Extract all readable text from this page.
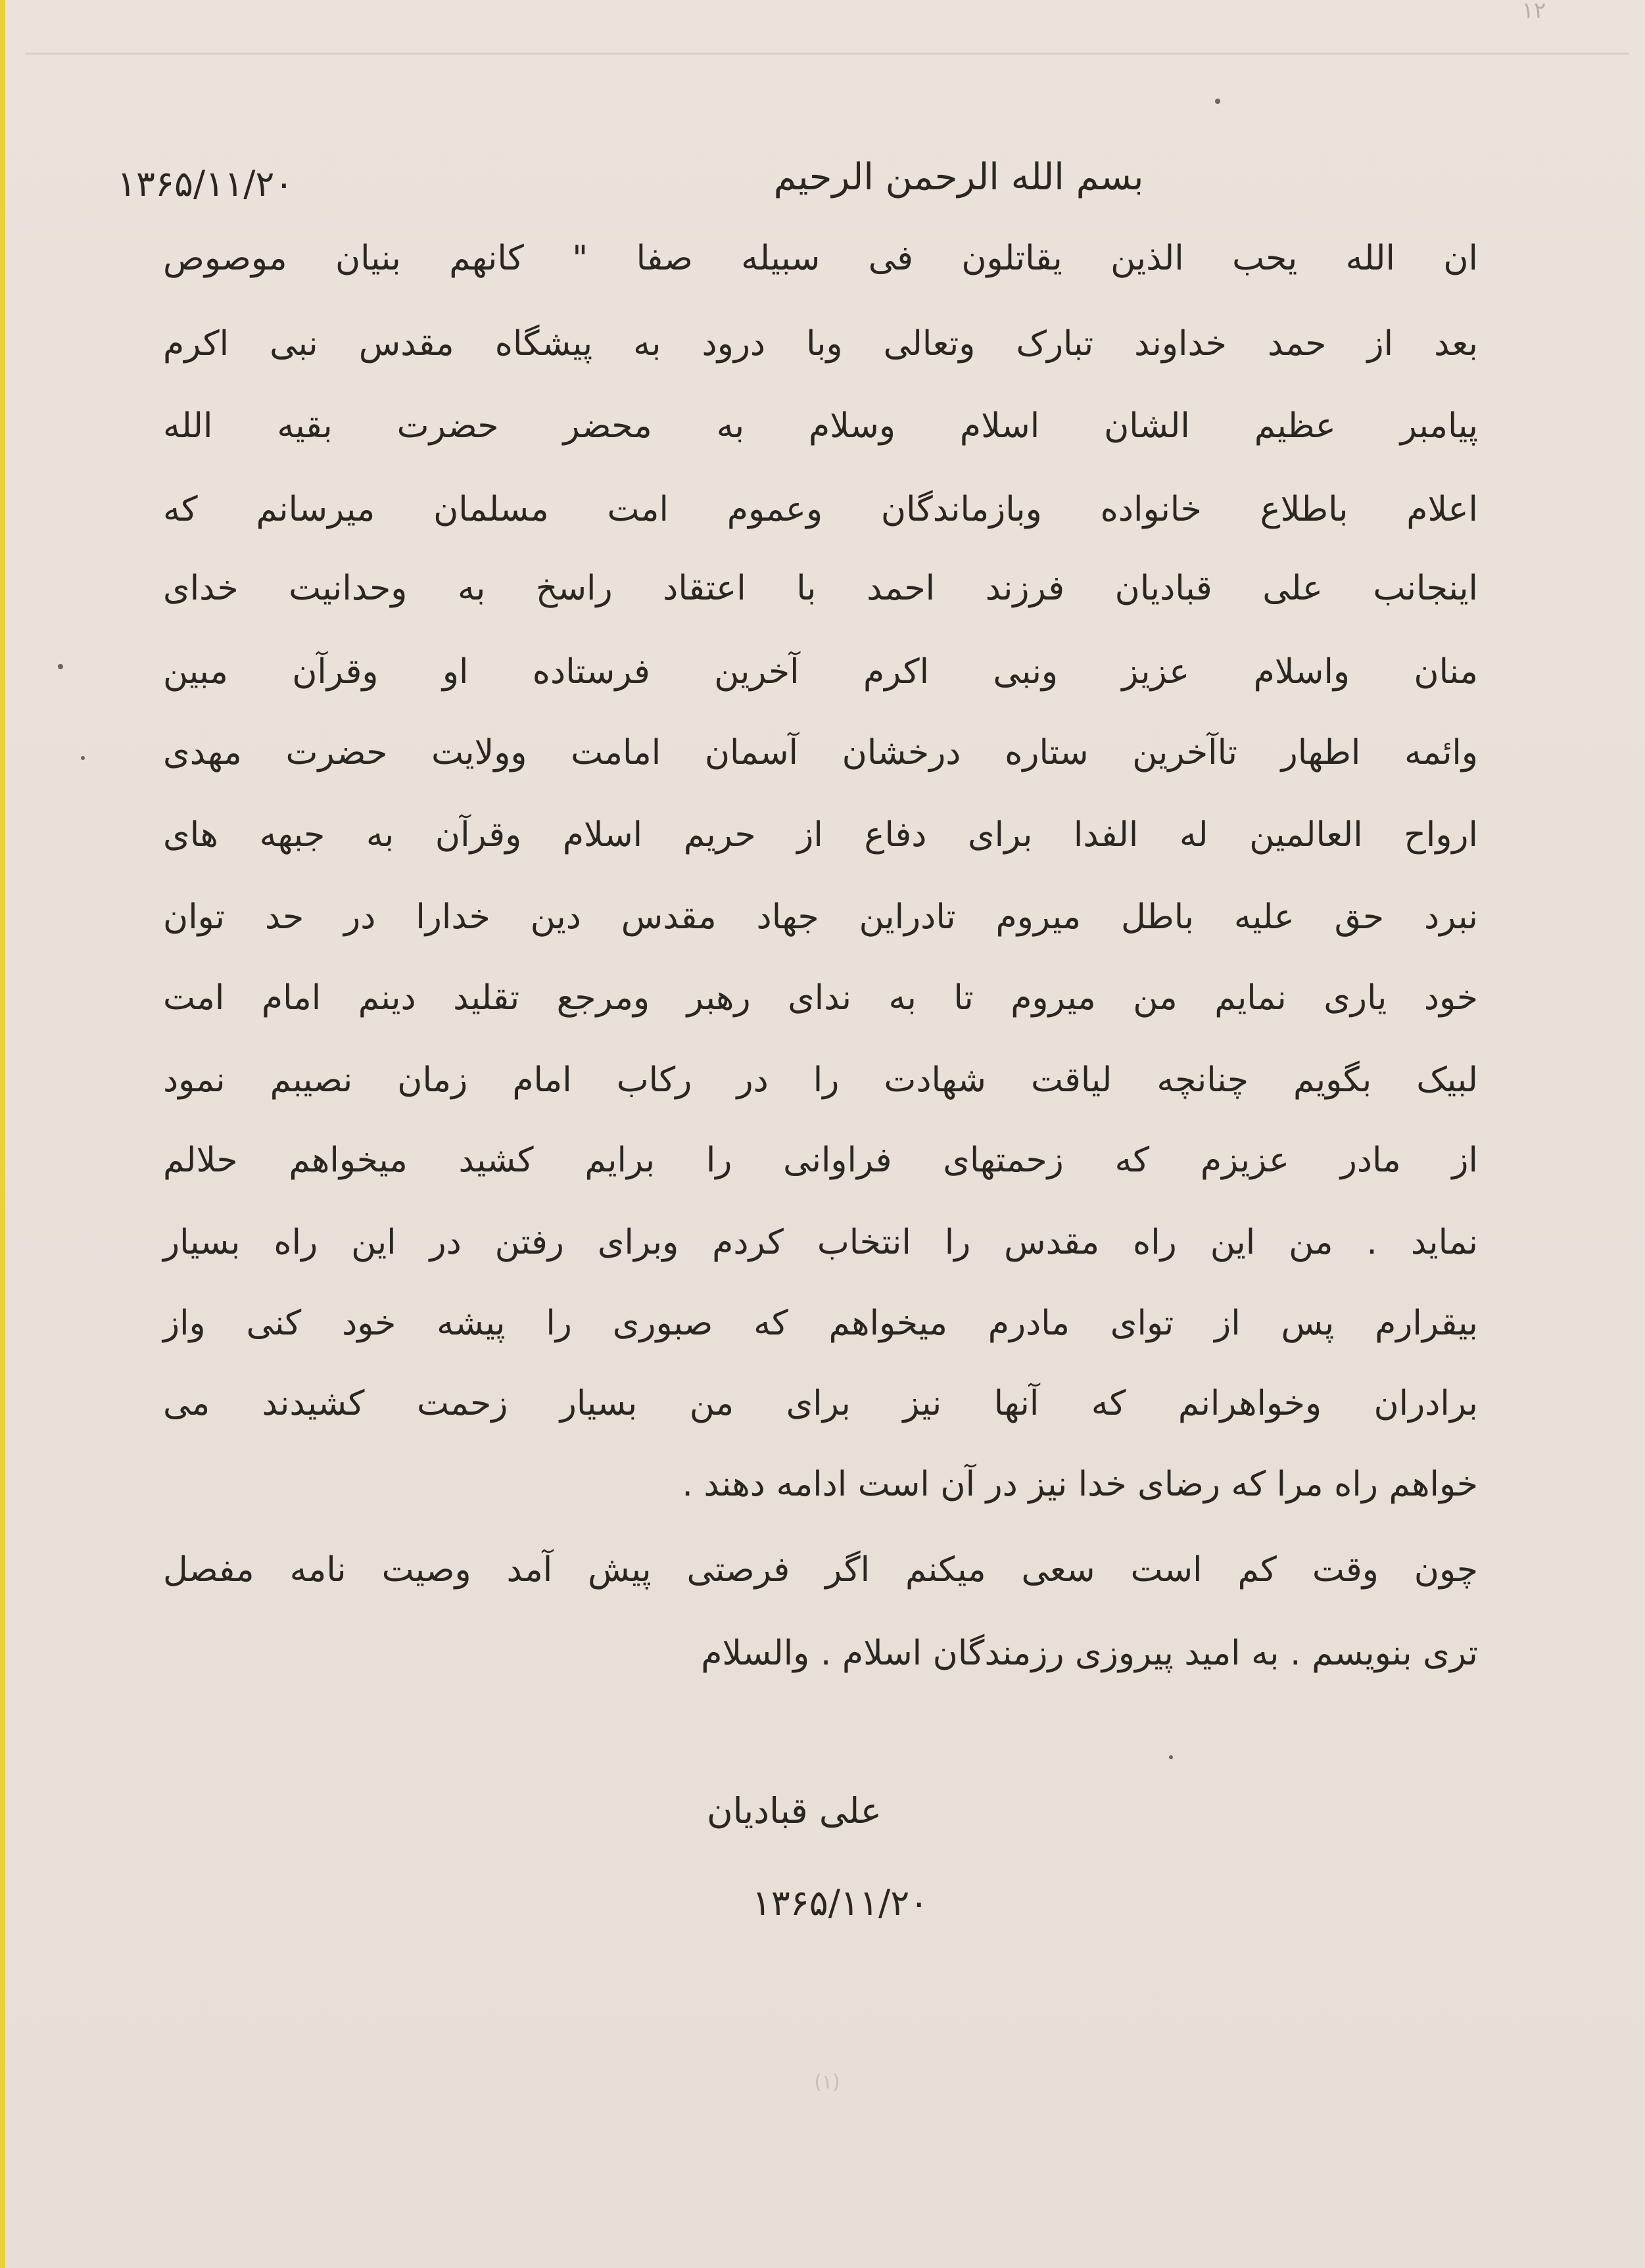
۱۲
بسم الله الرحمن الرحیم
۱۳۶۵/۱۱/۲۰
ان الله یحب الذین یقاتلون فی سبیله صفا " کانهم بنیان موصوص
بعد از حمد خداوند تبارک وتعالی وبا درود به پیشگاه مقدس نبی اکرم
پیامبر عظیم الشان اسلام وسلام به محضر حضرت بقیه الله
اعلام باطلاع خانواده وبازماندگان وعموم امت مسلمان میرسانم که
اینجانب علی قبادیان فرزند احمد با اعتقاد راسخ به وحدانیت خدای
منان واسلام عزیز ونبی اکرم آخرین فرستاده او وقرآن مبین
وائمه اطهار تاآخرین ستاره درخشان آسمان امامت وولایت حضرت مهدی
ارواح العالمین له الفدا برای دفاع از حریم اسلام وقرآن به جبهه های
نبرد حق علیه باطل میروم تادراین جهاد مقدس دین خدارا در حد توان
خود یاری نمایم من میروم تا به ندای رهبر ومرجع تقلید دینم امام امت
لبیک بگویم چنانچه لیاقت شهادت را در رکاب امام زمان نصیبم نمود
از مادر عزیزم که زحمتهای فراوانی را برایم کشید میخواهم حلالم
نماید . من این راه مقدس را انتخاب کردم وبرای رفتن در این راه بسیار
بیقرارم پس از توای مادرم میخواهم که صبوری را پیشه خود کنی واز
برادران وخواهرانم که آنها نیز برای من بسیار زحمت کشیدند می
خواهم راه مرا که رضای خدا نیز در آن است ادامه دهند .
چون وقت کم است سعی میکنم اگر فرصتی پیش آمد وصیت نامه مفصل
تری بنویسم . به امید پیروزی رزمندگان اسلام . والسلام
علی قبادیان
۱۳۶۵/۱۱/۲۰
(۱)
